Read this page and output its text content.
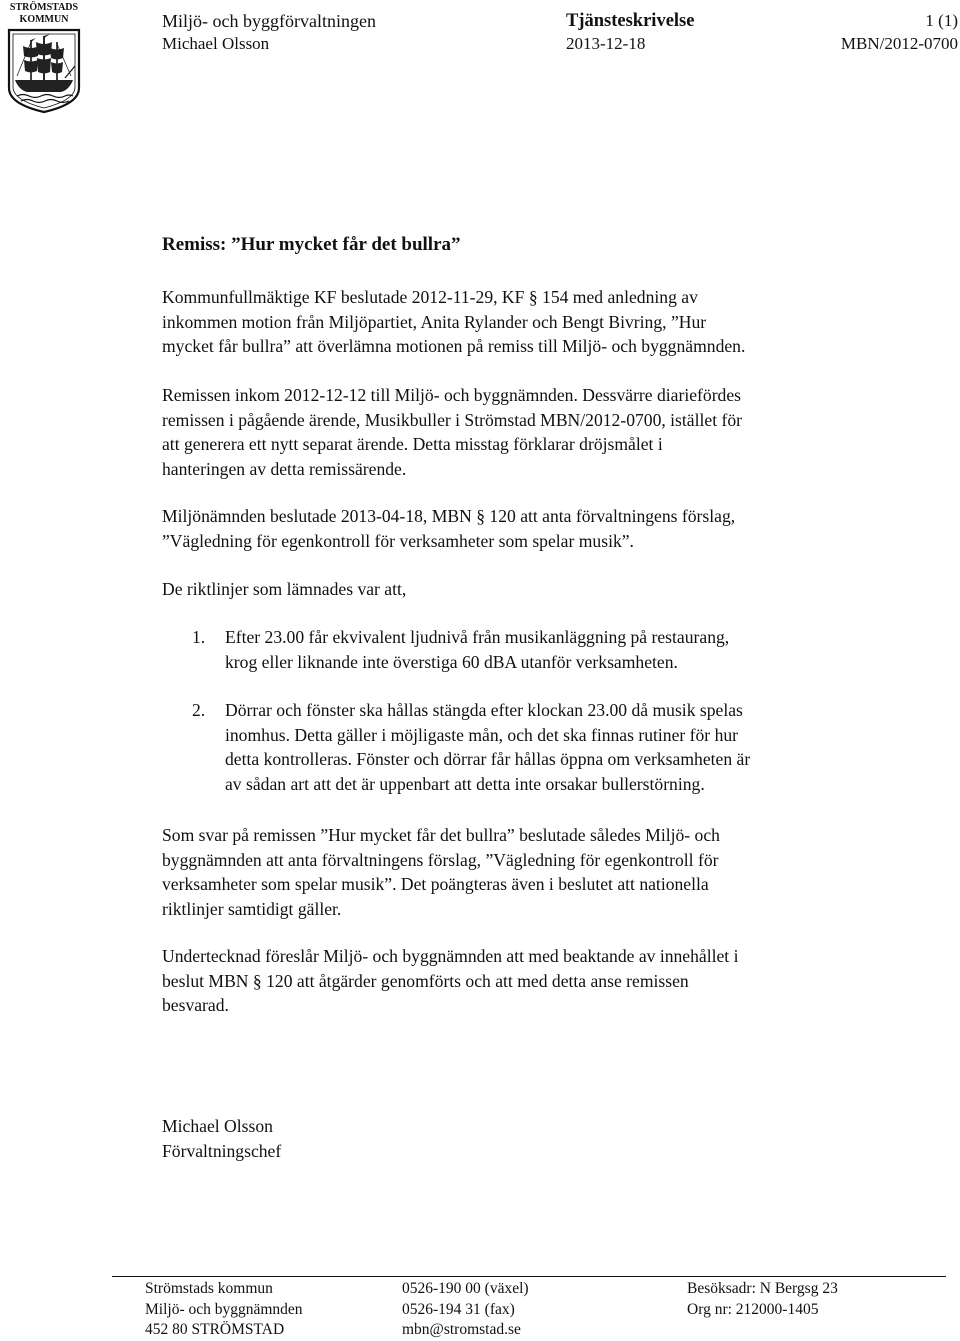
STRÖMSTADS
KOMMUN	Miljö- och byggförvaltningen
Michael Olsson
Tjänsteskrivelse
2013-12-18
1 (1)
MBN/2012-0700
Remiss: ”Hur mycket får det bullra”
Kommunfullmäktige KF beslutade 2012-11-29, KF § 154 med anledning av
inkommen motion från Miljöpartiet, Anita Rylander och Bengt Bivring, ”Hur
mycket får bullra” att överlämna motionen på remiss till Miljö- och byggnämnden.
Remissen inkom 2012-12-12 till Miljö- och byggnämnden. Dessvärre diariefördes
remissen i pågående ärende, Musikbuller i Strömstad MBN/2012-0700, istället för
att generera ett nytt separat ärende. Detta misstag förklarar dröjsmålet i
hanteringen av detta remissärende.
Miljönämnden beslutade 2013-04-18, MBN § 120 att anta förvaltningens förslag,
”Vägledning för egenkontroll för verksamheter som spelar musik”.
De riktlinjer som lämnades var att,
1. Efter 23.00 får ekvivalent ljudnivå från musikanläggning på restaurang,
krog eller liknande inte överstiga 60 dBA utanför verksamheten.
2. Dörrar och fönster ska hållas stängda efter klockan 23.00 då musik spelas
inomhus. Detta gäller i möjligaste mån, och det ska finnas rutiner för hur
detta kontrolleras. Fönster och dörrar får hållas öppna om verksamheten är
av sådan art att det är uppenbart att detta inte orsakar bullerstörning.
Som svar på remissen ”Hur mycket får det bullra” beslutade således Miljö- och
byggnämnden att anta förvaltningens förslag, ”Vägledning för egenkontroll för
verksamheter som spelar musik”. Det poängteras även i beslutet att nationella
riktlinjer samtidigt gäller.
Undertecknad föreslår Miljö- och byggnämnden att med beaktande av innehållet i
beslut MBN § 120 att åtgärder genomförts och att med detta anse remissen
besvarad.
Michael Olsson
Förvaltningschef
Strömstads kommun
Miljö- och byggnämnden
452 80 STRÖMSTAD
0526-190 00 (växel)
0526-194 31 (fax)
mbn@stromstad.se
Besöksadr: N Bergsg 23
Org nr: 212000-1405
